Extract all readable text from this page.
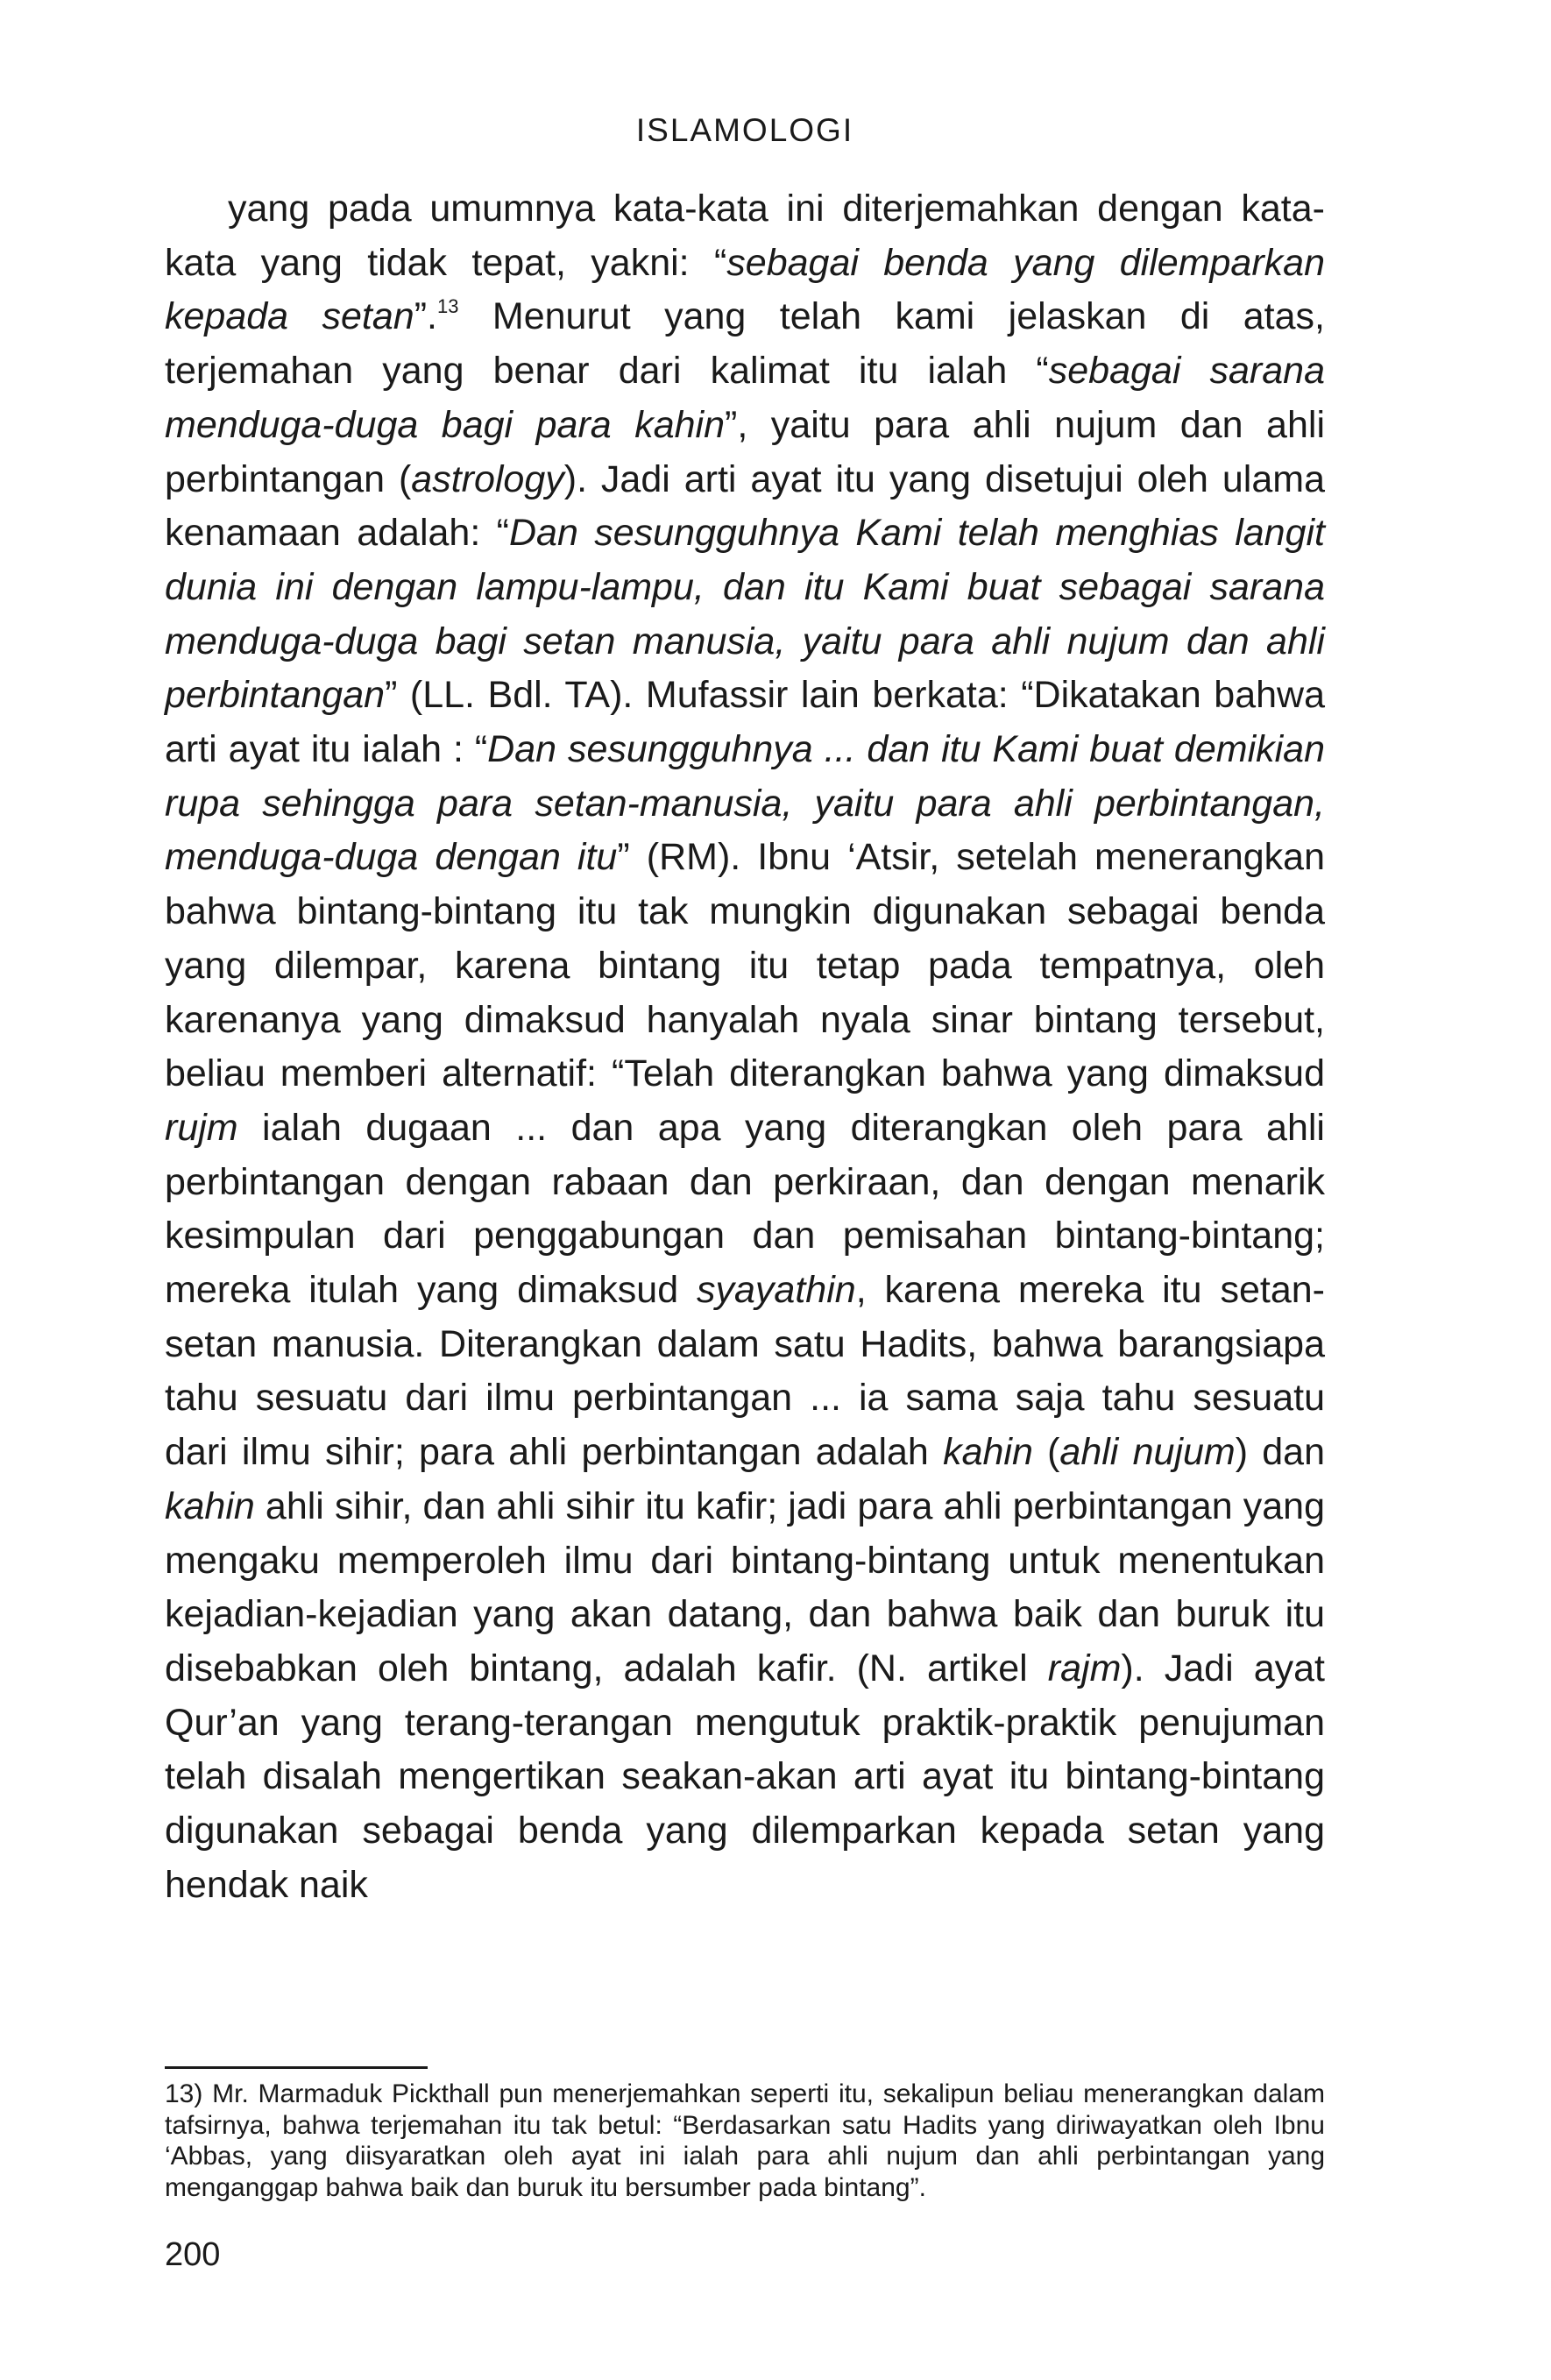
ISLAMOLOGI

yang pada umumnya kata-kata ini diterjemahkan dengan kata-kata yang tidak tepat, yakni: “sebagai benda yang dilemparkan kepada setan”.$^{13}$ Menurut yang telah kami jelaskan di atas, terjemahan yang benar dari kalimat itu ialah “sebagai sarana menduga-duga bagi para kahin”, yaitu para ahli nujum dan ahli perbintangan (astrology). Jadi arti ayat itu yang disetujui oleh ulama kenamaan adalah: “Dan sesungguhnya Kami telah menghias langit dunia ini dengan lampu-lampu, dan itu Kami buat sebagai sarana menduga-duga bagi setan manusia, yaitu para ahli nujum dan ahli perbintangan” (LL. Bdl. TA). Mufassir lain berkata: “Dikatakan bahwa arti ayat itu ialah : “Dan sesungguhnya ... dan itu Kami buat demikian rupa sehingga para setan-manusia, yaitu para ahli perbintangan, menduga-duga dengan itu” (RM). Ibnu ‘Atsir, setelah menerangkan bahwa bintang-bintang itu tak mungkin digunakan sebagai benda yang dilempar, karena bintang itu tetap pada tempatnya, oleh karenanya yang dimaksud hanyalah nyala sinar bintang tersebut, beliau memberi alternatif: “Telah diterangkan bahwa yang dimaksud rujm ialah dugaan ... dan apa yang diterangkan oleh para ahli perbintangan dengan rabaan dan perkiraan, dan dengan menarik kesimpulan dari penggabungan dan pemisahan bintang-bintang; mereka itulah yang dimaksud syayathin, karena mereka itu setan-setan manusia. Diterangkan dalam satu Hadits, bahwa barangsiapa tahu sesuatu dari ilmu perbintangan ... ia sama saja tahu sesuatu dari ilmu sihir; para ahli perbintangan adalah kahin (ahli nujum) dan kahin ahli sihir, dan ahli sihir itu kafir; jadi para ahli perbintangan yang mengaku memperoleh ilmu dari bintang-bintang untuk menentukan kejadian-kejadian yang akan datang, dan bahwa baik dan buruk itu disebabkan oleh bintang, adalah kafir. (N. artikel rajm). Jadi ayat Qur’an yang terang-terangan mengutuk praktik-praktik penujuman telah disalah mengertikan seakan-akan arti ayat itu bintang-bintang digunakan sebagai benda yang dilemparkan kepada setan yang hendak naik

13) Mr. Marmaduk Pickthall pun menerjemahkan seperti itu, sekalipun beliau menerangkan dalam tafsirnya, bahwa terjemahan itu tak betul: “Berdasarkan satu Hadits yang diriwayatkan oleh Ibnu ‘Abbas, yang diisyaratkan oleh ayat ini ialah para ahli nujum dan ahli perbintangan yang menganggap bahwa baik dan buruk itu bersumber pada bintang”.

200
